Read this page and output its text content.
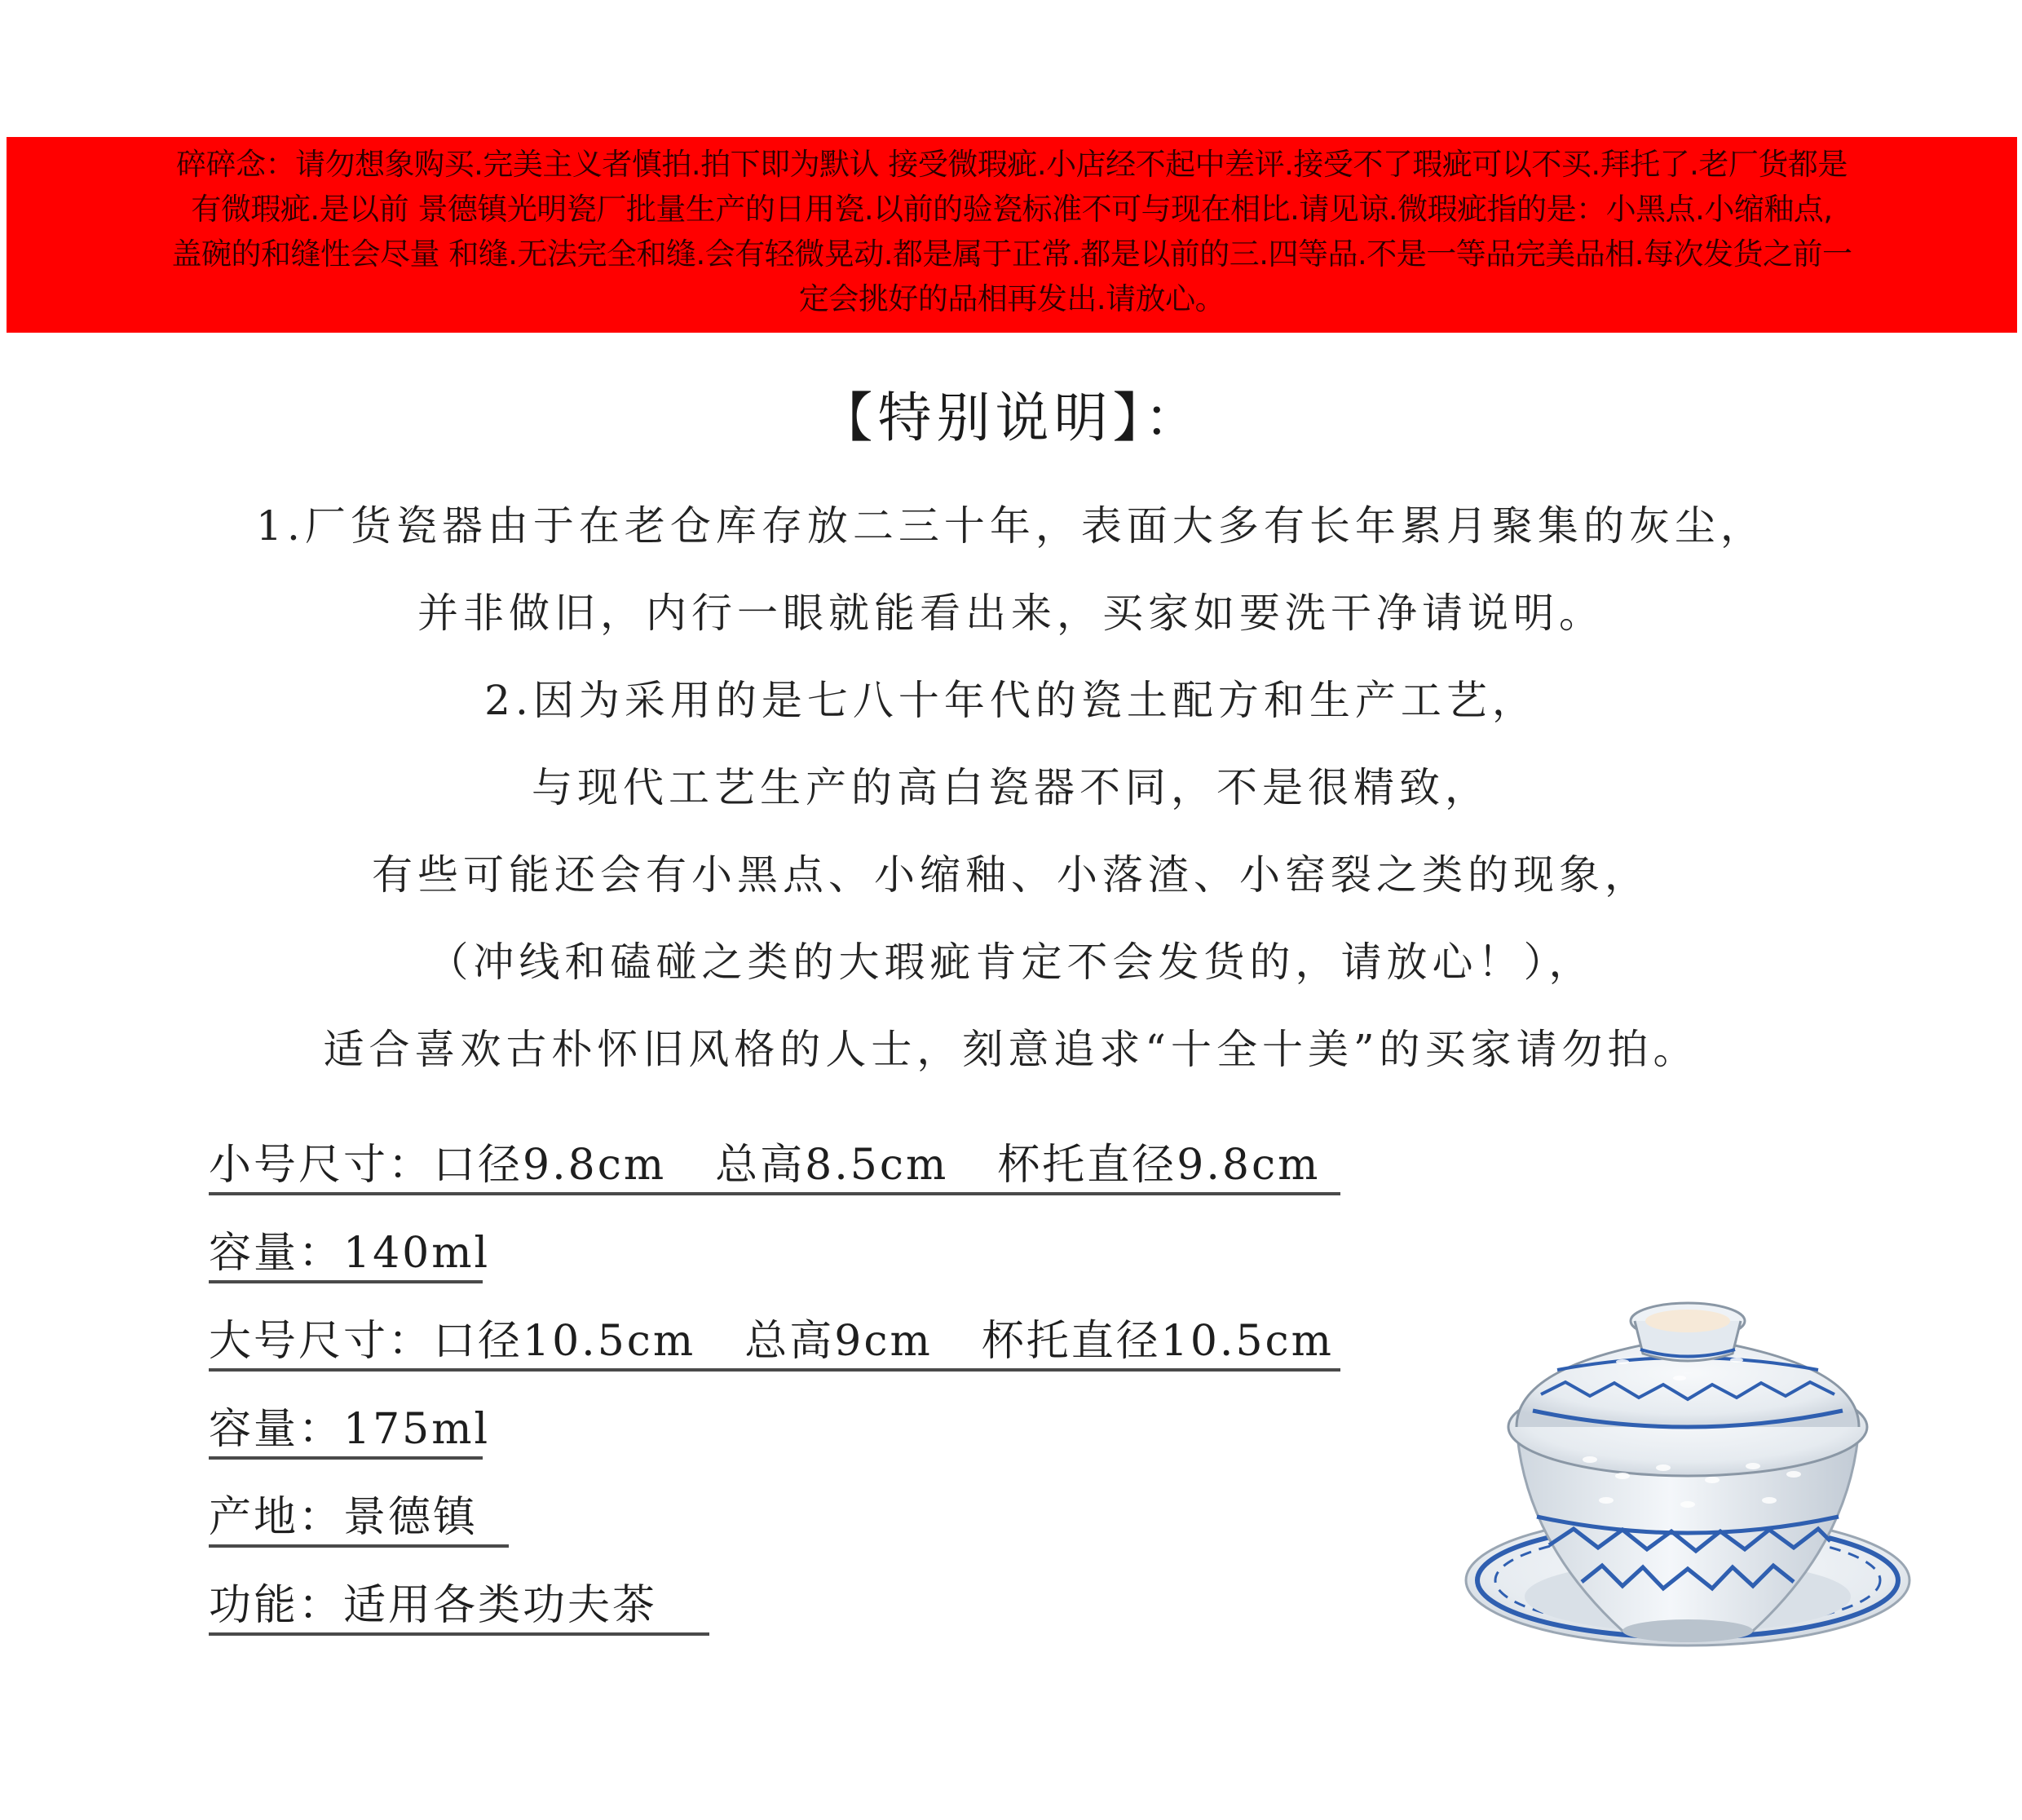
碎碎念：请勿想象购买.完美主义者慎拍.拍下即为默认 接受微瑕疵.小店经不起中差评.接受不了瑕疵可以不买.拜托了.老厂货都是
有微瑕疵.是以前 景德镇光明瓷厂批量生产的日用瓷.以前的验瓷标准不可与现在相比.请见谅.微瑕疵指的是：小黑点.小缩釉点,
盖碗的和缝性会尽量 和缝.无法完全和缝.会有轻微晃动.都是属于正常.都是以前的三.四等品.不是一等品完美品相.每次发货之前一
定会挑好的品相再发出.请放心。
【特别说明】：
1.厂货瓷器由于在老仓库存放二三十年，表面大多有长年累月聚集的灰尘，
并非做旧，内行一眼就能看出来，买家如要洗干净请说明。
2.因为采用的是七八十年代的瓷土配方和生产工艺，
与现代工艺生产的高白瓷器不同，不是很精致，
有些可能还会有小黑点、小缩釉、小落渣、小窑裂之类的现象，
（冲线和磕碰之类的大瑕疵肯定不会发货的，请放心！），
适合喜欢古朴怀旧风格的人士，刻意追求“十全十美”的买家请勿拍。
小号尺寸：口径9.8cm 总高8.5cm 杯托直径9.8cm
容量：140ml
大号尺寸：口径10.5cm 总高9cm 杯托直径10.5cm
容量：175ml
产地：景德镇
功能：适用各类功夫茶
